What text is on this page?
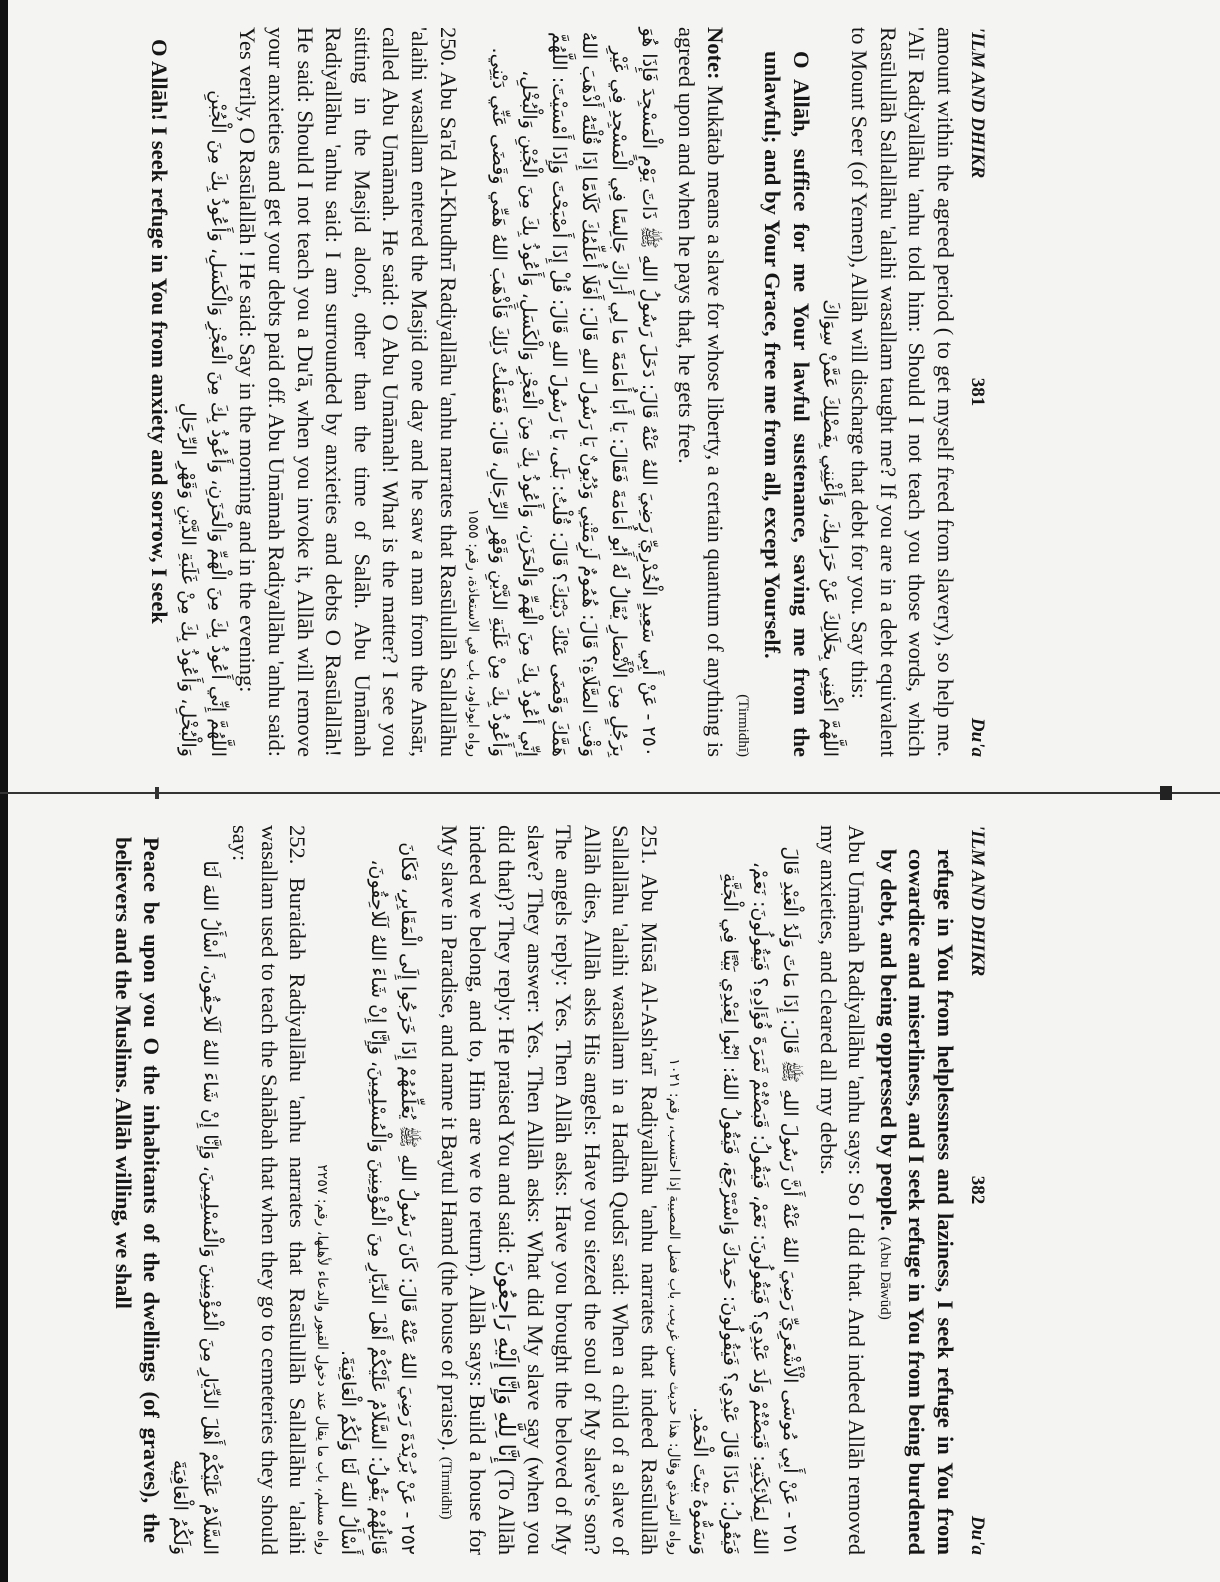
'ILM AND DHIKR
381
Du'a

amount within the agreed period ( to get myself freed from slavery), so help me. 'Alī Radiyallāhu 'anhu told him: Should I not teach you those words, which Rasūlullāh Sallallāhu 'alaihi wasallam taught me? If you are in a debt equivalent to Mount Seer (of Yemen), Allāh will discharge that debt for you. Say this:

اللَّهُمَّ اكْفِنِي بِحَلَالِكَ عَنْ حَرَامِكَ، وَأَغْنِنِي بِفَضْلِكَ عَمَّنْ سِوَاكَ

O Allāh, suffice for me Your lawful sustenance, saving me from the unlawful; and by Your Grace, free me from all, except Yourself.

(Tirmidhī)

Note: Mukātab means a slave for whose liberty, a certain quantum of anything is agreed upon and when he pays that, he gets free.

٢٥٠ - عَنْ أَبِي سَعِيدٍ الْخُدْرِيِّ رَضِيَ اللهُ عَنْهُ قَالَ: دَخَلَ رَسُولُ اللهِ ﷺ ذَاتَ يَوْمٍ الْمَسْجِدَ فَإِذَا هُوَ بِرَجُلٍ مِنَ الْأَنْصَارِ يُقَالُ لَهُ أَبُو أُمَامَةَ فَقَالَ: يَا أَبَا أُمَامَةَ مَا لِي أَرَاكَ جَالِسًا فِي الْمَسْجِدِ فِي غَيْرِ وَقْتِ الصَّلَاةِ؟ قَالَ: هُمُومٌ لَزِمَتْنِي وَدُيُونٌ يَا رَسُولَ اللهِ قَالَ: أَفَلَا أُعَلِّمُكَ كَلَامًا إِذَا قُلْتَهُ أَذْهَبَ اللهُ هَمَّكَ وَقَضَى عَنْكَ دَيْنَكَ؟ قَالَ: قُلْتُ: بَلَى، يَا رَسُولَ اللهِ قَالَ: قُلْ إِذَا أَصْبَحْتَ وَإِذَا أَمْسَيْتَ: اللَّهُمَّ إِنِّي أَعُوذُ بِكَ مِنَ الْهَمِّ وَالْحَزَنِ، وَأَعُوذُ بِكَ مِنَ الْعَجْزِ وَالْكَسَلِ، وَأَعُوذُ بِكَ مِنَ الْجُبْنِ وَالْبُخْلِ، وَأَعُوذُ بِكَ مِنْ غَلَبَةِ الدَّيْنِ وَقَهْرِ الرِّجَالِ، قَالَ: فَفَعَلْتُ ذَلِكَ فَأَذْهَبَ اللهُ هَمِّي وَقَضَى عَنِّي دَيْنِي.

رواه ابوداود، باب في الاستعاذة، رقم: ١٥٥٥

250. Abu Sa'īd Al-Khudhrī Radiyallāhu 'anhu narrates that Rasūlullāh Sallallāhu 'alaihi wasallam entered the Masjid one day and he saw a man from the Ansār, called Abu Umāmah. He said: O Abu Umāmah! What is the matter? I see you sitting in the Masjid aloof, other than the time of Salāh. Abu Umāmah Radiyallāhu 'anhu said: I am surrounded by anxieties and debts O Rasūlallāh! He said: Should I not teach you a Du'ā, when you invoke it, Allāh will remove your anxieties and get your debts paid off. Abu Umāmah Radiyallāhu 'anhu said: Yes verily, O Rasūlallāh ! He said: Say in the morning and in the evening:

اللَّهُمَّ إِنِّي أَعُوذُ بِكَ مِنَ الْهَمِّ وَالْحَزَنِ، وَأَعُوذُ بِكَ مِنَ الْعَجْزِ وَالْكَسَلِ، وَأَعُوذُ بِكَ مِنَ الْجُبْنِ وَالْبُخْلِ، وَأَعُوذُ بِكَ مِنْ غَلَبَةِ الدَّيْنِ وَقَهْرِ الرِّجَالِ

O Allāh! I seek refuge in You from anxiety and sorrow, I seek

'ILM AND DHIKR
382
Du'a

refuge in You from helplessness and laziness, I seek refuge in You from cowardice and miserliness, and I seek refuge in You from being burdened by debt, and being oppressed by people. (Abu Dāwūd)

Abu Umāmah Radiyallāhu 'anhu says: So I did that. And indeed Allāh removed my anxieties, and cleared all my debts.

٢٥١ - عَنْ أَبِي مُوسَى الْأَشْعَرِيِّ رَضِيَ اللهُ عَنْهُ أَنَّ رَسُولَ اللهِ ﷺ قَالَ: إِذَا مَاتَ وَلَدُ الْعَبْدِ قَالَ اللهُ لِمَلَائِكَتِهِ: قَبَضْتُمْ وَلَدَ عَبْدِي؟ فَيَقُولُونَ: نَعَمْ، فَيَقُولُ: قَبَضْتُمْ ثَمَرَةَ فُؤَادِهِ؟ فَيَقُولُونَ: نَعَمْ، فَيَقُولُ: مَاذَا قَالَ عَبْدِي؟ فَيَقُولُونَ: حَمِدَكَ وَاسْتَرْجَعَ، فَيَقُولُ اللهُ: ابْنُوا لِعَبْدِي بَيْتًا فِي الْجَنَّةِ وَسَمُّوهُ بَيْتَ الْحَمْدِ.

رواه الترمذي وقال: هذا حديث حسن غريب، باب فضل المصيبة إذا احتسب، رقم: ١٠٢١

251. Abu Mūsā Al-Ash'arī Radiyallāhu 'anhu narrates that indeed Rasūlullāh Sallallāhu 'alaihi wasallam in a Hadīth Qudsī said: When a child of a slave of Allāh dies, Allāh asks His angels: Have you siezed the soul of My slave's son? The angels reply: Yes. Then Allāh asks: Have you brought the beloved of My slave? They answer: Yes. Then Allāh asks: What did My slave say (when you did that)? They reply: He praised You and said: إِنَّا لِلَّهِ وَإِنَّا إِلَيْهِ رَاجِعُونَ (To Allāh indeed we belong, and to, Him are we to return). Allāh says: Build a house for My slave in Paradise, and name it Baytul Hamd (the house of praise). (Tirmidhī)

٢٥٢ - عَنْ بُرَيْدَةَ رَضِيَ اللهُ عَنْهُ قَالَ: كَانَ رَسُولُ اللهِ ﷺ يُعَلِّمُهُمْ إِذَا خَرَجُوا إِلَى الْمَقَابِرِ، فَكَانَ قَائِلُهُمْ يَقُولُ: السَّلَامُ عَلَيْكُمْ أَهْلَ الدِّيَارِ مِنَ الْمُؤْمِنِينَ وَالْمُسْلِمِينَ، وَإِنَّا إِنْ شَاءَ اللهُ لَلَاحِقُونَ، أَسْأَلُ اللهَ لَنَا وَلَكُمُ الْعَافِيَةَ.

رواه مسلم، باب ما يقال عند دخول القبور والدعاء لأهلها، رقم: ٢٢٥٧

252. Buraidah Radiyallāhu 'anhu narrates that Rasūlullāh Sallallāhu 'alaihi wasallam used to teach the Sahābah that when they go to cemeteries they should say:

السَّلَامُ عَلَيْكُمْ أَهْلَ الدِّيَارِ مِنَ الْمُؤْمِنِينَ وَالْمُسْلِمِينَ، وَإِنَّا إِنْ شَاءَ اللهُ لَلَاحِقُونَ، أَسْأَلُ اللهَ لَنَا وَلَكُمُ الْعَافِيَةَ

Peace be upon you O the inhabitants of the dwellings (of graves), the believers and the Muslims. Allāh willing, we shall
